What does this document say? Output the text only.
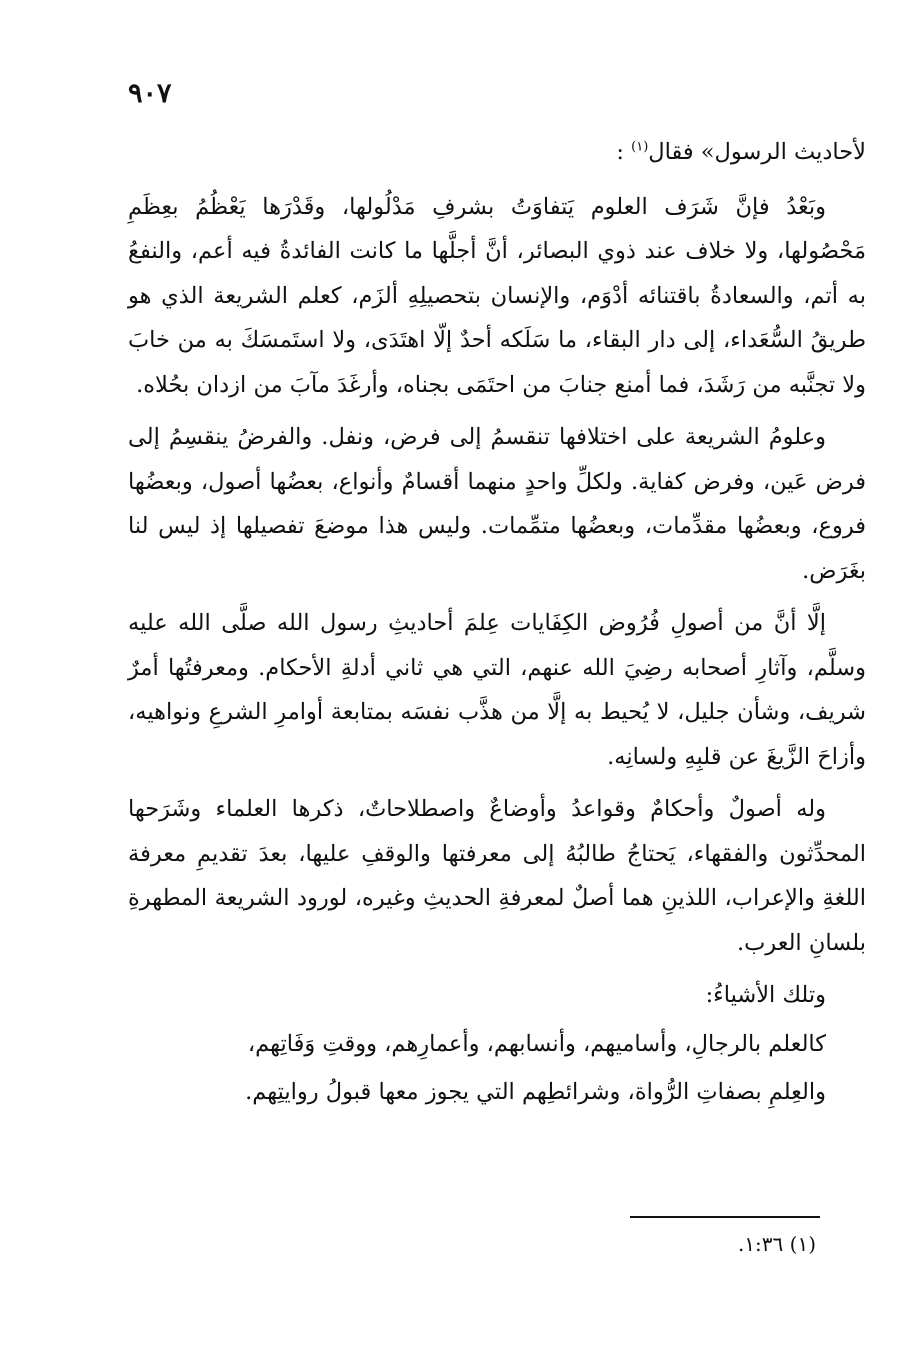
٩٠٧

لأحاديث الرسول» فقال$^{(١)}$ :

وبَعْدُ فإنَّ شَرَف العلوم يَتفاوَتُ بشرفِ مَدْلُولها، وقَدْرَها يَعْظُمُ بعِظَمِ مَحْصُولها، ولا خلاف عند ذوي البصائر، أنَّ أجلَّها ما كانت الفائدةُ فيه أعم، والنفعُ به أتم، والسعادةُ باقتنائه أدْوَم، والإنسان بتحصيلِهِ ألزَم، كعلم الشريعة الذي هو طريقُ السُّعَداء، إلى دار البقاء، ما سَلَكه أحدٌ إلّا اهتَدَى، ولا استَمسَكَ به من خابَ ولا تجنَّبه من رَشَدَ، فما أمنع جنابَ من احتَمَى بجناه، وأرغَدَ مآبَ من ازدان بحُلاه.

وعلومُ الشريعة على اختلافها تنقسمُ إلى فرض، ونفل. والفرضُ ينقسِمُ إلى فرض عَين، وفرض كفاية. ولكلِّ واحدٍ منهما أقسامٌ وأنواع، بعضُها أصول، وبعضُها فروع، وبعضُها مقدِّمات، وبعضُها متمِّمات. وليس هذا موضعَ تفصيلها إذ ليس لنا بغَرَض.

إلَّا أنَّ من أصولِ فُرُوض الكِفَايات عِلمَ أحاديثِ رسول الله صلَّى الله عليه وسلَّم، وآثارِ أصحابه رضِيَ الله عنهم، التي هي ثاني أدلةِ الأحكام. ومعرفتُها أمرٌ شريف، وشأن جليل، لا يُحيط به إلَّا من هذَّب نفسَه بمتابعة أوامرِ الشرعِ ونواهيه، وأزاحَ الزَّيغَ عن قلبِهِ ولسانِه.

وله أصولٌ وأحكامٌ وقواعدُ وأوضاعٌ واصطلاحاتٌ، ذكرها العلماء وشَرَحها المحدِّثون والفقهاء، يَحتاجُ طالبُهُ إلى معرفتها والوقفِ عليها، بعدَ تقديمِ معرفة اللغةِ والإعراب، اللذينِ هما أصلٌ لمعرفةِ الحديثِ وغيره، لورود الشريعة المطهرةِ بلسانِ العرب.

وتلك الأشياءُ:

كالعلم بالرجالِ، وأساميهم، وأنسابهم، وأعمارِهم، ووقتِ وَفَاتِهم،

والعِلمِ بصفاتِ الرُّواة، وشرائطِهم التي يجوز معها قبولُ روايتِهم.

(١) ١:٣٦.
